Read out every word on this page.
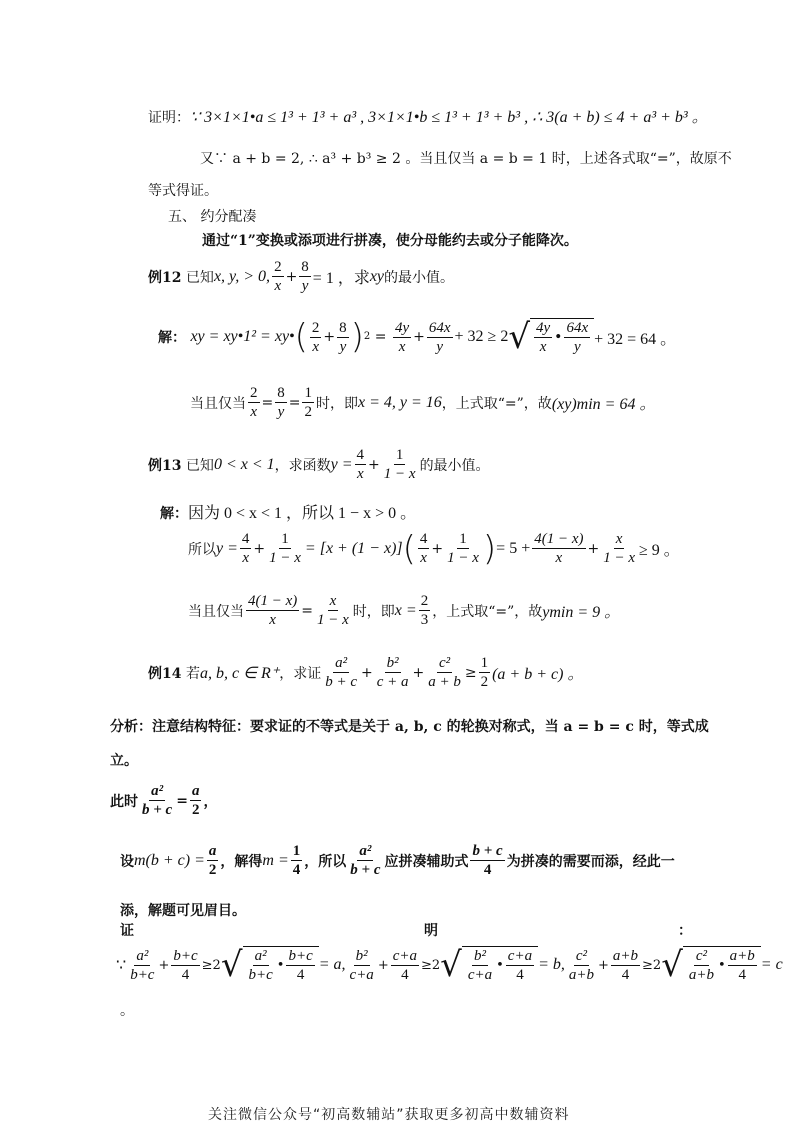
证明：∵ 3×1×1•a ≤ 1³ + 1³ + a³ , 3×1×1•b ≤ 1³ + 1³ + b³ , ∴ 3(a + b) ≤ 4 + a³ + b³ 。
又∵ a + b = 2, ∴ a³ + b³ ≥ 2 。当且仅当 a = b = 1 时，上述各式取“=”，故原不
等式得证。
五、 约分配凑
通过“1”变换或添项进行拼凑，使分母能约去或分子能降次。
例12
已知 x, y, > 0, $\frac{2}{x} + \frac{8}{y} = 1$ ，求 xy 的最小值。
解：
xy = xy•1² = xy• ( $\frac{2}{x} + \frac{8}{y}$ ) $2 = \frac{4y}{x} + \frac{64x}{y} + 32 \ge 2$ √ $\frac{4y}{x}$ • $\frac{64x}{y} + 32 = 64$ 。
当且仅当 $\frac{2}{x} = \frac{8}{y} = \frac{1}{2}$ 时，即 x = 4, y = 16 ，上式取“=”，故 (xy)min = 64 。
例13
已知 0 < x < 1 ，求函数 $y = \frac{4}{x} + \frac{1}{1 - x}$ 的最小值。
解：因为 0 < x < 1 ，所以 1 − x > 0 。
所以 $y = \frac{4}{x} + \frac{1}{1 - x} = [x + (1 - x)]$ ( $\frac{4}{x} + \frac{1}{1 - x}$ ) = $5 + \frac{4(1 - x)}{x} + \frac{x}{1 - x} \ge 9$ 。
当且仅当 $\frac{4(1 - x)}{x} = \frac{x}{1 - x}$ 时，即 $x = \frac{2}{3}$ ，上式取“=”，故 ymin = 9 。
例14
若 a, b, c ∈ R⁺ ，求证 $\frac{\text{a²}}{b + c} + \frac{\text{b²}}{c + a} + \frac{\text{c²}}{a + b} \ge \frac{1}{2} (a + b + c)$ 。
分析：注意结构特征：要求证的不等式是关于 a, b, c 的轮换对称式，当 a = b = c 时，等式成
立。
此时 $\frac{\text{a²}}{b + c} = \frac{a}{2}$ ，
设 $m(b + c) = \frac{a}{2}$ ，解得 $m = \frac{1}{4}$ ，所以 $\frac{\text{a²}}{b + c}$ 应拼凑辅助式 $\frac{b + c}{4}$ 为拼凑的需要而添，经此一
添，解题可见眉目。
证	明	：
∵ $\frac{\text{a²}}{b+c} + \frac{b+c}{4} \ge 2$ √ $\frac{\text{a²}}{b+c}$ • $\frac{b+c}{4} = a$, $\frac{\text{b²}}{c+a} + \frac{c+a}{4} \ge 2$ √ $\frac{\text{b²}}{c+a}$ • $\frac{c+a}{4} = b$, $\frac{\text{c²}}{a+b} + \frac{a+b}{4} \ge 2$ √ $\frac{\text{c²}}{a+b}$ • $\frac{a+b}{4} = c$
。
关注微信公众号“初高数辅站”获取更多初高中数辅资料
